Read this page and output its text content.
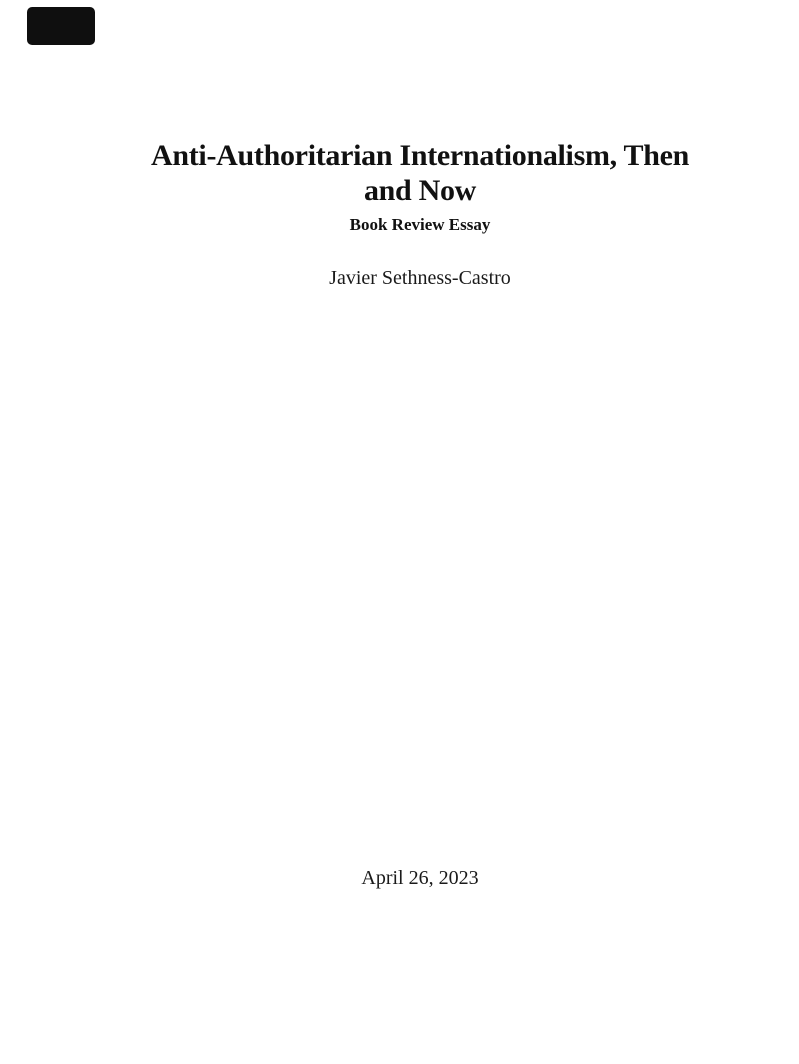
Anti-Authoritarian Internationalism, Then
and Now
Book Review Essay
Javier Sethness-Castro
April 26, 2023
